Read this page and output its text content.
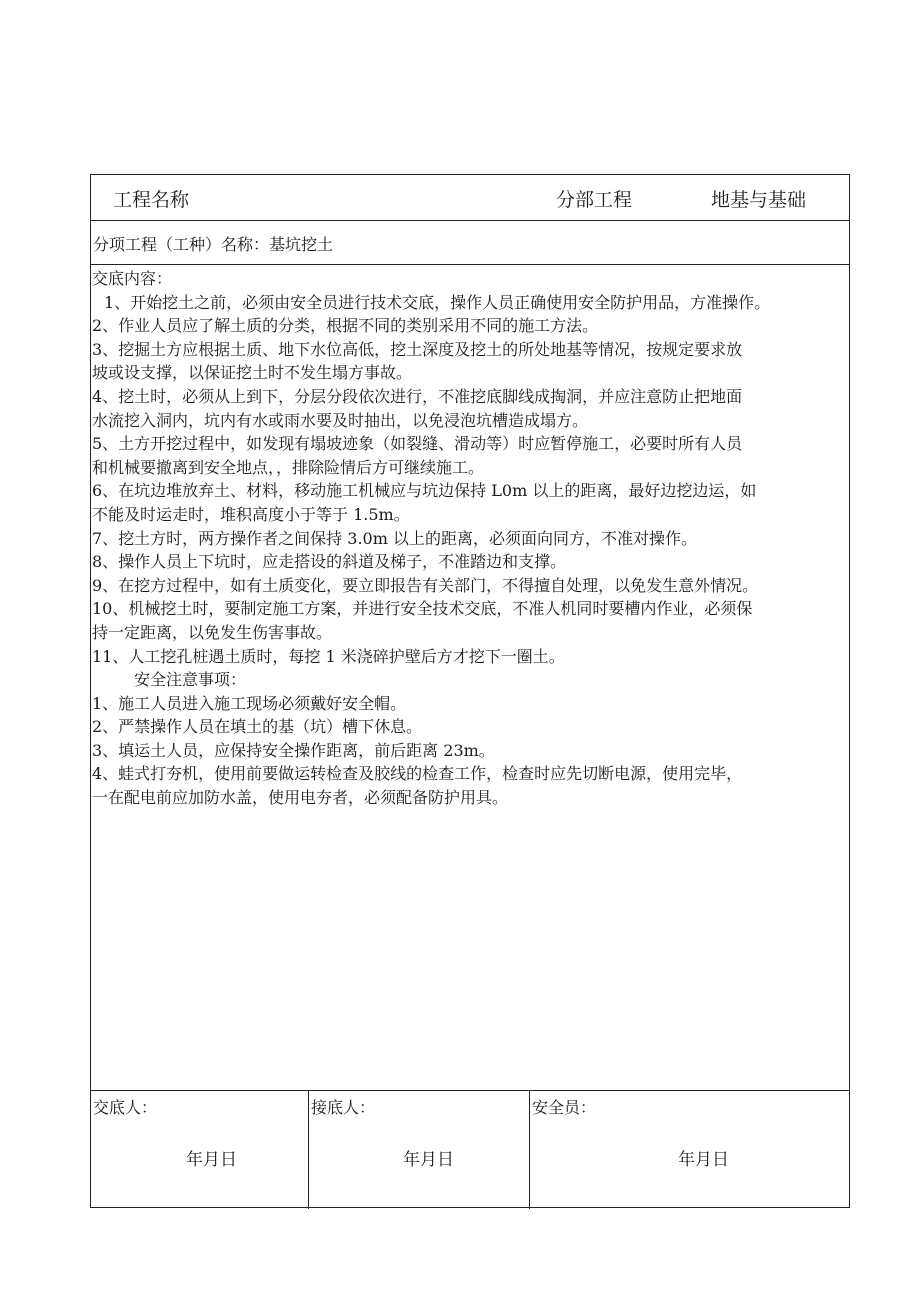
工程名称	分部工程	地基与基础
分项工程（工种）名称：基坑挖土
交底内容：
1、开始挖土之前，必须由安全员进行技术交底，操作人员正确使用安全防护用品，方准操作。
2、作业人员应了解土质的分类，根据不同的类别采用不同的施工方法。
3、挖掘土方应根据土质、地下水位高低，挖土深度及挖土的所处地基等情况，按规定要求放
坡或设支撑，以保证挖土时不发生塌方事故。
4、挖土时，必须从上到下，分层分段依次进行，不准挖底脚线成掏洞，并应注意防止把地面
水流挖入洞内，坑内有水或雨水要及时抽出，以免浸泡坑槽造成塌方。
5、土方开挖过程中，如发现有塌坡迹象（如裂缝、滑动等）时应暂停施工，必要时所有人员
和机械要撤离到安全地点，，排除险情后方可继续施工。
6、在坑边堆放弃土、材料，移动施工机械应与坑边保持 L0m 以上的距离，最好边挖边运，如
不能及时运走时，堆积高度小于等于 1.5m。
7、挖土方时，两方操作者之间保持 3.0m 以上的距离，必须面向同方，不准对操作。
8、操作人员上下坑时，应走搭设的斜道及梯子，不准踏边和支撑。
9、在挖方过程中，如有土质变化，要立即报告有关部门，不得擅自处理，以免发生意外情况。
10、机械挖土时，要制定施工方案，并进行安全技术交底，不准人机同时要槽内作业，必须保
持一定距离，以免发生伤害事故。
11、人工挖孔桩遇土质时，每挖 1 米浇碎护壁后方才挖下一圈土。
安全注意事项：
1、施工人员进入施工现场必须戴好安全帽。
2、严禁操作人员在填土的基（坑）槽下休息。
3、填运土人员，应保持安全操作距离，前后距离 23m。
4、蛙式打夯机，使用前要做运转检查及胶线的检查工作，检查时应先切断电源，使用完毕，
一在配电前应加防水盖，使用电夯者，必须配备防护用具。
交底人：
年月日
接底人：
年月日
安全员：
年月日
